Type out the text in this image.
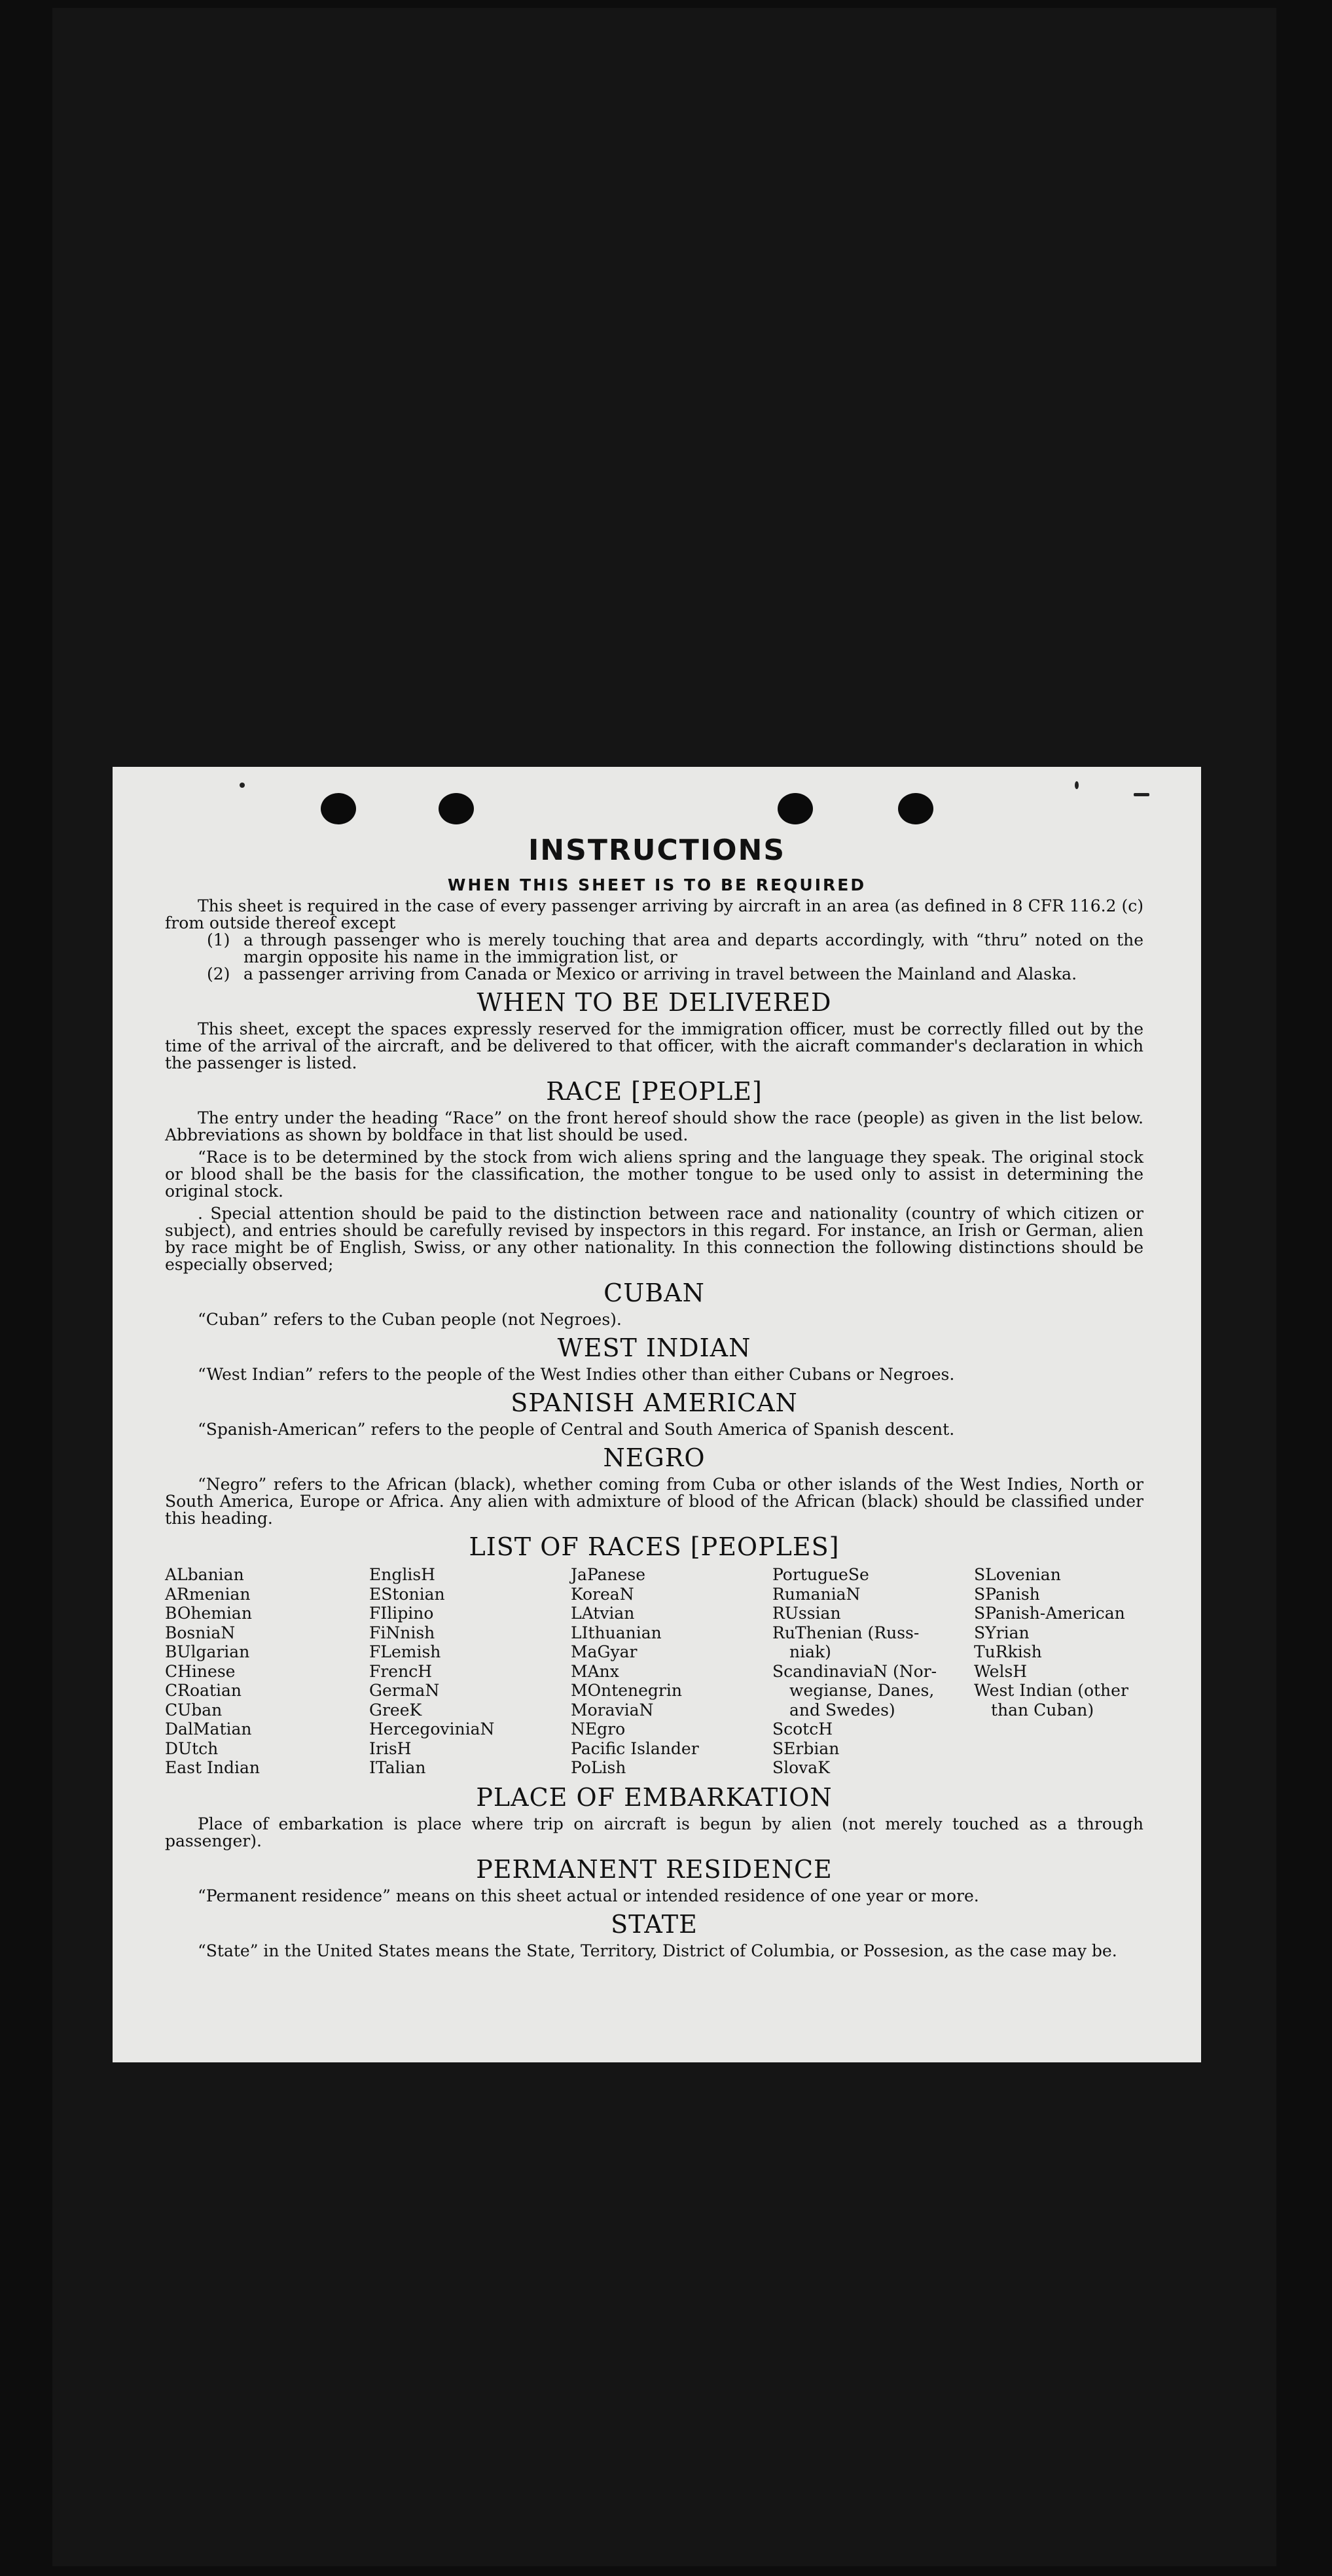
INSTRUCTIONS
WHEN THIS SHEET IS TO BE REQUIRED

This sheet is required in the case of every passenger arriving by aircraft in an area (as defined in 8 CFR 116.2 (c) from outside thereof except

(1) a through passenger who is merely touching that area and departs accordingly, with “thru” noted on the margin opposite his name in the immigration list, or
(2) a passenger arriving from Canada or Mexico or arriving in travel between the Mainland and Alaska.
WHEN TO BE DELIVERED

This sheet, except the spaces expressly reserved for the immigration officer, must be correctly filled out by the time of the arrival of the aircraft, and be delivered to that officer, with the aicraft commander's declaration in which the passenger is listed.

RACE [PEOPLE]

The entry under the heading “Race” on the front hereof should show the race (people) as given in the list below. Abbreviations as shown by boldface in that list should be used.

“Race is to be determined by the stock from wich aliens spring and the language they speak. The original stock or blood shall be the basis for the classification, the mother tongue to be used only to assist in determining the original stock.

. Special attention should be paid to the distinction between race and nationality (country of which citizen or subject), and entries should be carefully revised by inspectors in this regard. For instance, an Irish or German, alien by race might be of English, Swiss, or any other nationality. In this connection the following distinctions should be especially observed;

CUBAN

“Cuban” refers to the Cuban people (not Negroes).

WEST INDIAN

“West Indian” refers to the people of the West Indies other than either Cubans or Negroes.

SPANISH AMERICAN

“Spanish-American” refers to the people of Central and South America of Spanish descent.

NEGRO

“Negro” refers to the African (black), whether coming from Cuba or other islands of the West Indies, North or South America, Europe or Africa. Any alien with admixture of blood of the African (black) should be classified under this heading.

LIST OF RACES [PEOPLES]
ALbanian
ARmenian
BOhemian
BosniaN
BUlgarian
CHinese
CRoatian
CUban
DalMatian
DUtch
East Indian
EnglisH
EStonian
FIlipino
FiNnish
FLemish
FrencH
GermaN
GreeK
HercegoviniaN
IrisH
ITalian
JaPanese
KoreaN
LAtvian
LIthuanian
MaGyar
MAnx
MOntenegrin
MoraviaN
NEgro
Pacific Islander
PoLish
PortugueSe
RumaniaN
RUssian
RuThenian (Russ-
niak)
ScandinaviaN (Nor-
wegianse, Danes,
and Swedes)
ScotcH
SErbian
SlovaK
SLovenian
SPanish
SPanish-American
SYrian
TuRkish
WelsH
West Indian (other
than Cuban)
PLACE OF EMBARKATION

Place of embarkation is place where trip on aircraft is begun by alien (not merely touched as a through passenger).

PERMANENT RESIDENCE

“Permanent residence” means on this sheet actual or intended residence of one year or more.

STATE

“State” in the United States means the State, Territory, District of Columbia, or Possesion, as the case may be.
